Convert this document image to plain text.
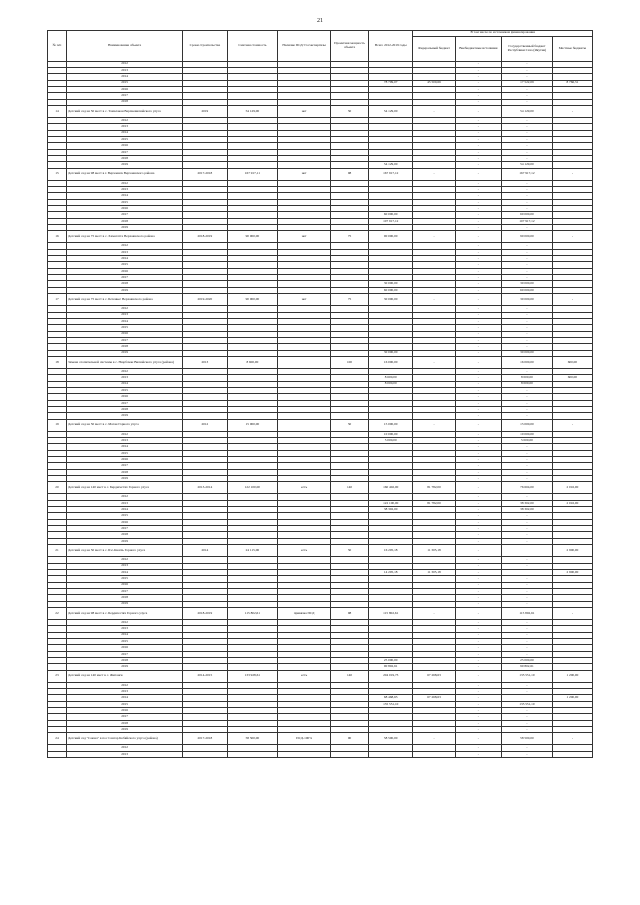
21
№ п/п	Наименование объекта	Сроки строительства	Сметная стоимость	Наличие ПСД/ Госэкспертизы	Проектная мощность объекта	Всего 2012-2019 годы	В том числе по источникам финансирования			
							Федеральный бюджет	Внебюджетные источники	Государственный бюджет Республики Саха (Якутия)	Местные бюджеты
	2012							-	-	
	2013							-	-	
	2014							-	-	
	2015					78 709,07	45 500,66	-	17 522,09	8 766,31
	2016							-	-	
	2017							-	-	
	2018							-	-	
14	Детский сад на 50 мест в с. Тамалакан Верхневилюйского улуса	2019	54 129,00	нет	50	54 129,00	-	-	54 129,00	-
	2012							-	-	
	2013							-	-	
	2014							-	-	
	2015							-	-	
	2016							-	-	
	2017							-	-	
	2018							-	-	
	2019					54 129,00		-	54 129,00	
15	Детский сад на 98 мест в г. Верхоянск Верхоянского района	2017-2018	167 917,11	нет	98	167 917,12	-	-	167 917,12	-
	2012							-	-	
	2013							-	-	
	2014							-	-	
	2015							-	-	
	2016							-	-	
	2017					60 000,00		-	60 000,00	
	2018					107 917,12		-	107 917,12	
	2019							-	-	
16	Детский сад на 75 мест в с. Хамагатта Верхоянского района	2018-2019	90 000,00	нет	75	90 000,00	-	-	90 000,00	-
	2012							-	-	
	2013							-	-	
	2014							-	-	
	2015							-	-	
	2016							-	-	
	2017							-	-	
	2018					30 000,00		-	30 000,00	
	2019					60 000,00		-	60 000,00	
17	Детский сад на 75 мест в с. Бетенкес Верхоянского района	2019-2020	90 000,00	нет	75	30 000,00	-	-	30 000,00	-
	2012							-	-	
	2013							-	-	
	2014							-	-	
	2015							-	-	
	2016							-	-	
	2017							-	-	
	2018							-	-	
	2019					30 000,00		-	30 000,00	
18	Замена отопительной системы в с. Нюрбачан Вилюйского улуса (района)	2013	8 600,00		100	16 000,00	-	-	16 000,00	600,00
	2012							-	-	
	2013					8 600,00		-	8 000,00	600,00
	2014					8 000,00		-	8 000,00	
	2015							-	-	
	2016							-	-	
	2017							-	-	
	2018							-	-	
	2019							-	-	
19	Детский сад на 50 мест в с. Маган Горного улуса	2012	15 000,00		50	15 000,00	-	-	15 000,00	-
	2012					10 000,00		-	10 000,00	
	2013					5 000,00		-	5 000,00	
	2014							-	-	
	2015							-	-	
	2016							-	-	
	2017							-	-	
	2018							-	-	
	2019							-	-	
20	Детский сад на 140 мест в с. Бердигестях Горного улуса	2013-2014	122 100,00	есть	140	160 402,00	81 782,00	-	76 604,00	2 016,00
	2012							-	-	
	2013					122 100,00	81 782,00	-	38 302,00	2 016,00
	2014					38 302,00		-	38 302,00	
	2015							-	-	
	2016							-	-	
	2017							-	-	
	2018							-	-	
	2019							-	-	
21	Детский сад на 50 мест в с. Бэс-Кюёль Горного улуса	2014	24 115,06	есть	50	16 205,18	11 305,18	-		2 900,00
	2012							-	-	
	2013							-	-	
	2014					14 205,18	11 305,18	-		2 900,00
	2015							-	-	
	2016							-	-	
	2017							-	-	
	2018							-	-	
	2019							-	-	
22	Детский сад на 98 мест в с. Бердигестях Горного улуса	2018-2019	115 802,61	привязка ПСД	98	115 802,61	-	-	115 802,61	-
	2012							-	-	
	2013							-	-	
	2014							-	-	
	2015							-	-	
	2016							-	-	
	2017							-	-	
	2018					25 000,00		-	25 000,00	
	2019					90 802,61		-	90 802,61	
23	Детский сад на 140 мест в с. Жиганск	2014-2015	133 928,61	есть	140	204 019,73	67 268,63	-	135 551,10	1 200,00
	2012							-	-	
	2013							-	-	
	2014					68 468,63	67 268,63	-		1 200,00
	2015					135 551,10		-	135 551,10	
	2016							-	-	
	2017							-	-	
	2018							-	-	
	2019							-	-	
24	Детский сад "Саюна" в пос Сангар Кобяйского улуса (района)	2017-2018	58 500,00	ПСД-100%	90	58 500,00	-	-	58 500,00	-
	2012							-	-	
	2013							-	-	
